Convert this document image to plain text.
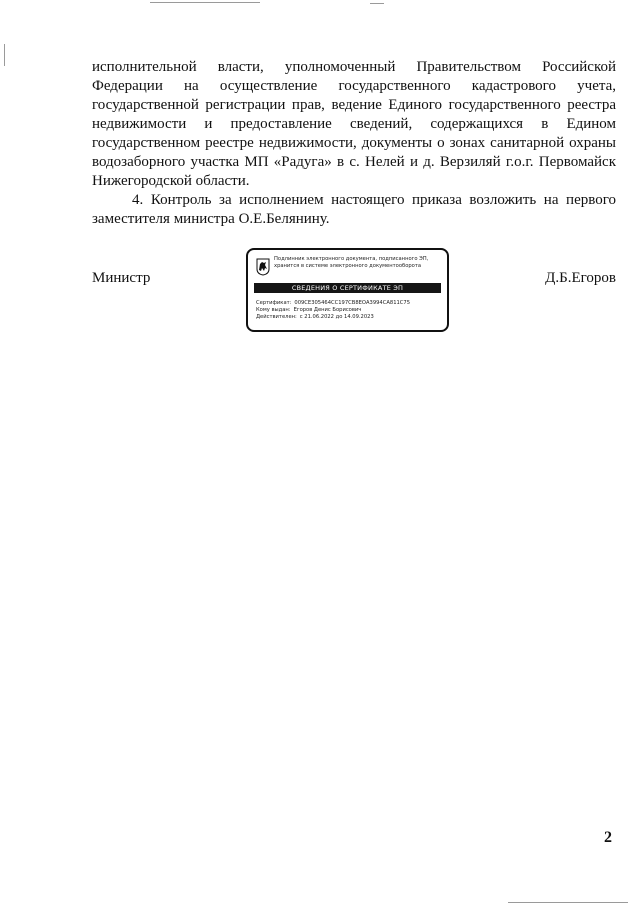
исполнительной власти, уполномоченный Правительством Российской Федерации на осуществление государственного кадастрового учета, государственной регистрации прав, ведение Единого государственного реестра недвижимости и предоставление сведений, содержащихся в Едином государственном реестре недвижимости, документы о зонах санитарной охраны водозаборного участка МП «Радуга» в с. Нелей и д. Верзиляй г.о.г. Первомайск Нижегородской области.

4. Контроль за исполнением настоящего приказа возложить на первого заместителя министра О.Е.Белянину.

Министр
Подлинник электронного документа, подписанного ЭП,
хранится в системе электронного документооборота
СВЕДЕНИЯ О СЕРТИФИКАТЕ ЭП
Сертификат: 009СЕ305464СС197СВ8ЕОА3994СА811С75
Кому выдан: Егоров Денис Борисович
Действителен: с 21.06.2022 до 14.09.2023
Д.Б.Егоров
2
